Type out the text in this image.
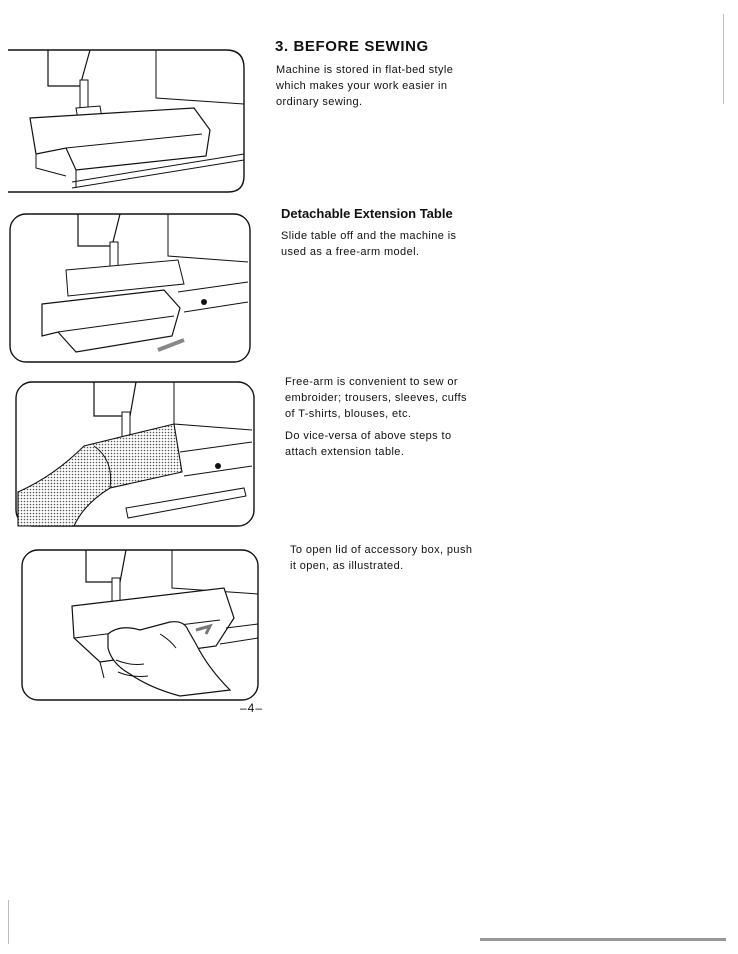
3. BEFORE SEWING

Machine is stored in flat-bed style which makes your work easier in ordinary sewing.

Detachable Extension Table

Slide table off and the machine is used as a free-arm model.

Free-arm is convenient to sew or embroider; trousers, sleeves, cuffs of T-shirts, blouses, etc.

Do vice-versa of above steps to attach extension table.

To open lid of accessory box, push it open, as illustrated.

–4–
